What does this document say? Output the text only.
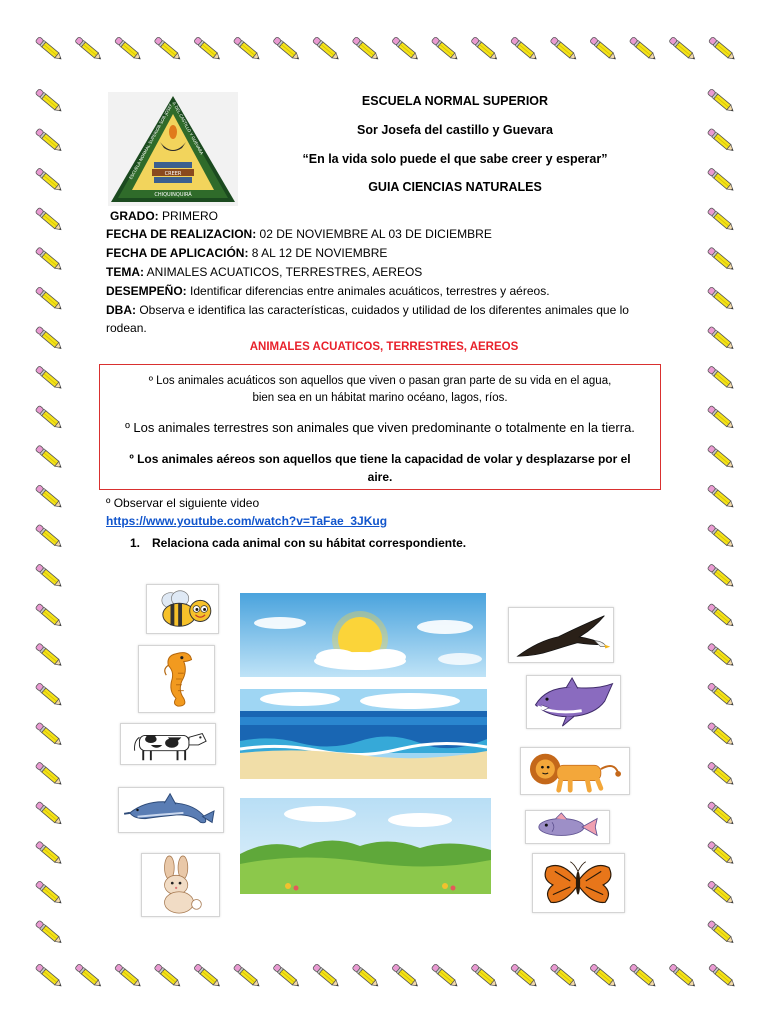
CREER
CHIQUINQUIRÁ
ESCUELA NORMAL SUPERIOR SOR JOSEFA DEL CASTILLO Y GUEVARA
ESCUELA NORMAL SUPERIOR
Sor Josefa del castillo y Guevara
“En la vida solo puede el que sabe creer y esperar”
GUIA CIENCIAS NATURALES
GRADO: PRIMERO
FECHA DE REALIZACION: 02 DE NOVIEMBRE AL 03 DE DICIEMBRE
FECHA DE APLICACIÓN: 8 AL 12 DE NOVIEMBRE
TEMA: ANIMALES ACUATICOS, TERRESTRES, AEREOS
DESEMPEÑO: Identificar diferencias entre animales acuáticos, terrestres y aéreos.
DBA: Observa e identifica las características, cuidados y utilidad de los diferentes animales que lo
rodean.
ANIMALES ACUATICOS, TERRESTRES, AEREOS
º Los animales acuáticos son aquellos que viven o pasan gran parte de su vida en el agua,
bien sea en un hábitat marino océano, lagos, ríos.
º Los animales terrestres son animales que viven predominante o totalmente en la tierra.
º Los animales aéreos son aquellos que tiene la capacidad de volar y desplazarse por el
aire.
º Observar el siguiente video
https://www.youtube.com/watch?v=TaFae_3JKug
1. Relaciona cada animal con su hábitat correspondiente.
